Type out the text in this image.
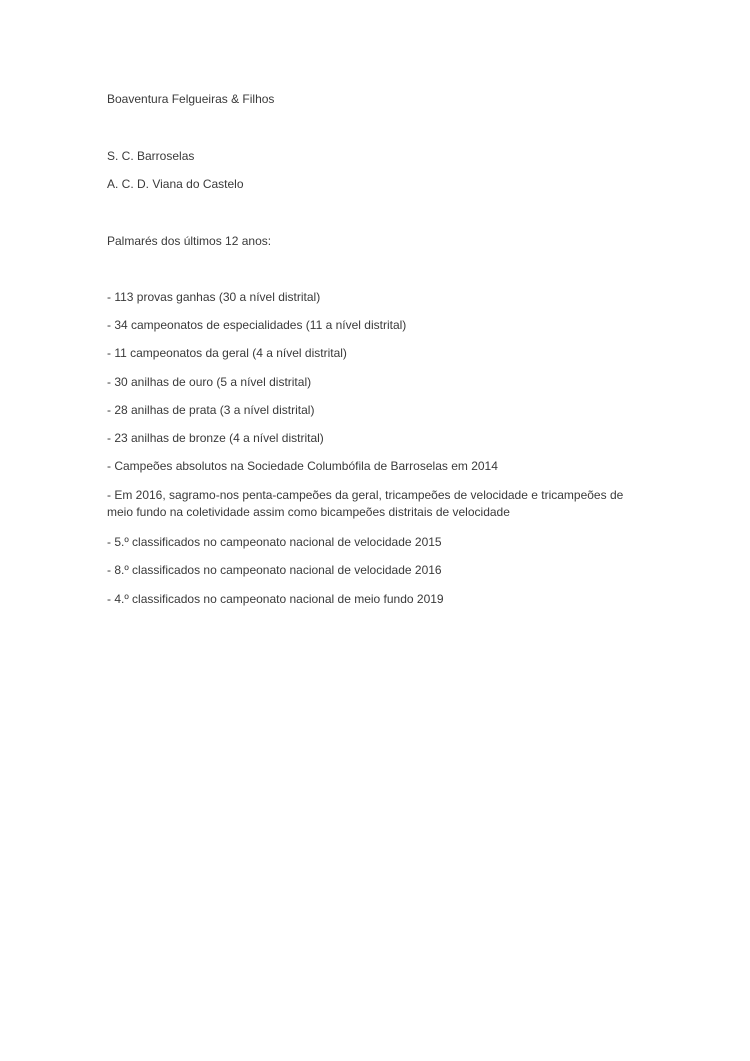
Boaventura Felgueiras & Filhos

S. C. Barroselas

A. C. D. Viana do Castelo

Palmarés dos últimos 12 anos:

- 113 provas ganhas (30 a nível distrital)

- 34 campeonatos de especialidades (11 a nível distrital)

- 11 campeonatos da geral (4 a nível distrital)

- 30 anilhas de ouro (5 a nível distrital)

- 28 anilhas de prata (3 a nível distrital)

- 23 anilhas de bronze (4 a nível distrital)

- Campeões absolutos na Sociedade Columbófila de Barroselas em 2014

- Em 2016, sagramo-nos penta-campeões da geral, tricampeões de velocidade e tricampeões de meio fundo na coletividade assim como bicampeões distritais de velocidade

- 5.º classificados no campeonato nacional de velocidade 2015

- 8.º classificados no campeonato nacional de velocidade 2016

- 4.º classificados no campeonato nacional de meio fundo 2019
